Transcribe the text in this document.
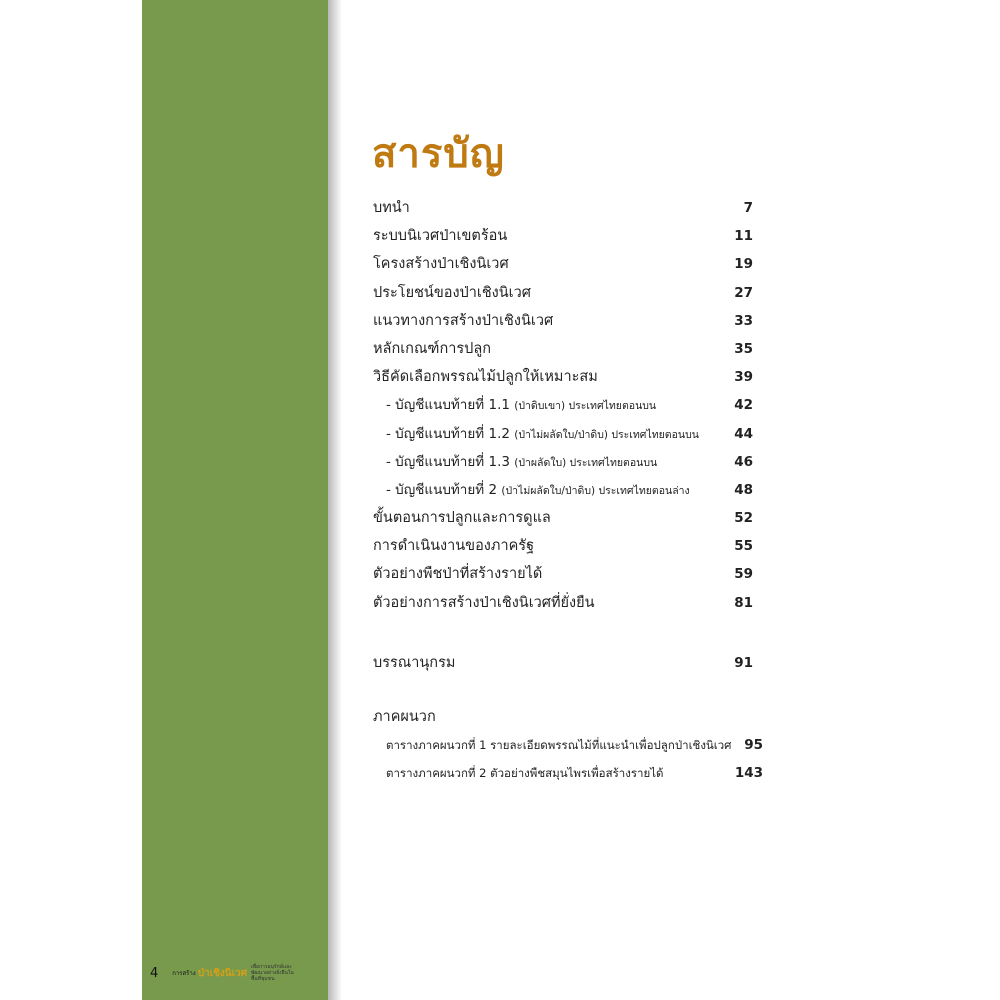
สารบัญ
บทนำ	7
ระบบนิเวศป่าเขตร้อน	11
โครงสร้างป่าเชิงนิเวศ	19
ประโยชน์ของป่าเชิงนิเวศ	27
แนวทางการสร้างป่าเชิงนิเวศ	33
หลักเกณฑ์การปลูก	35
วิธีคัดเลือกพรรณไม้ปลูกให้เหมาะสม	39
- บัญชีแนบท้ายที่ 1.1 (ป่าดิบเขา) ประเทศไทยตอนบน	42
- บัญชีแนบท้ายที่ 1.2 (ป่าไม่ผลัดใบ/ป่าดิบ) ประเทศไทยตอนบน	44
- บัญชีแนบท้ายที่ 1.3 (ป่าผลัดใบ) ประเทศไทยตอนบน	46
- บัญชีแนบท้ายที่ 2 (ป่าไม่ผลัดใบ/ป่าดิบ) ประเทศไทยตอนล่าง	48
ขั้นตอนการปลูกและการดูแล	52
การดำเนินงานของภาครัฐ	55
ตัวอย่างพืชป่าที่สร้างรายได้	59
ตัวอย่างการสร้างป่าเชิงนิเวศที่ยั่งยืน	81
บรรณานุกรม	91
ภาคผนวก
ตารางภาคผนวกที่ 1 รายละเอียดพรรณไม้ที่แนะนำเพื่อปลูกป่าเชิงนิเวศ 95
ตารางภาคผนวกที่ 2 ตัวอย่างพืชสมุนไพรเพื่อสร้างรายได้	143
4 การสร้าง ป่าเชิงนิเวศ
เพื่อการอนุรักษ์และพัฒนาอย่างยั่งยืนในพื้นที่ชุมชน
